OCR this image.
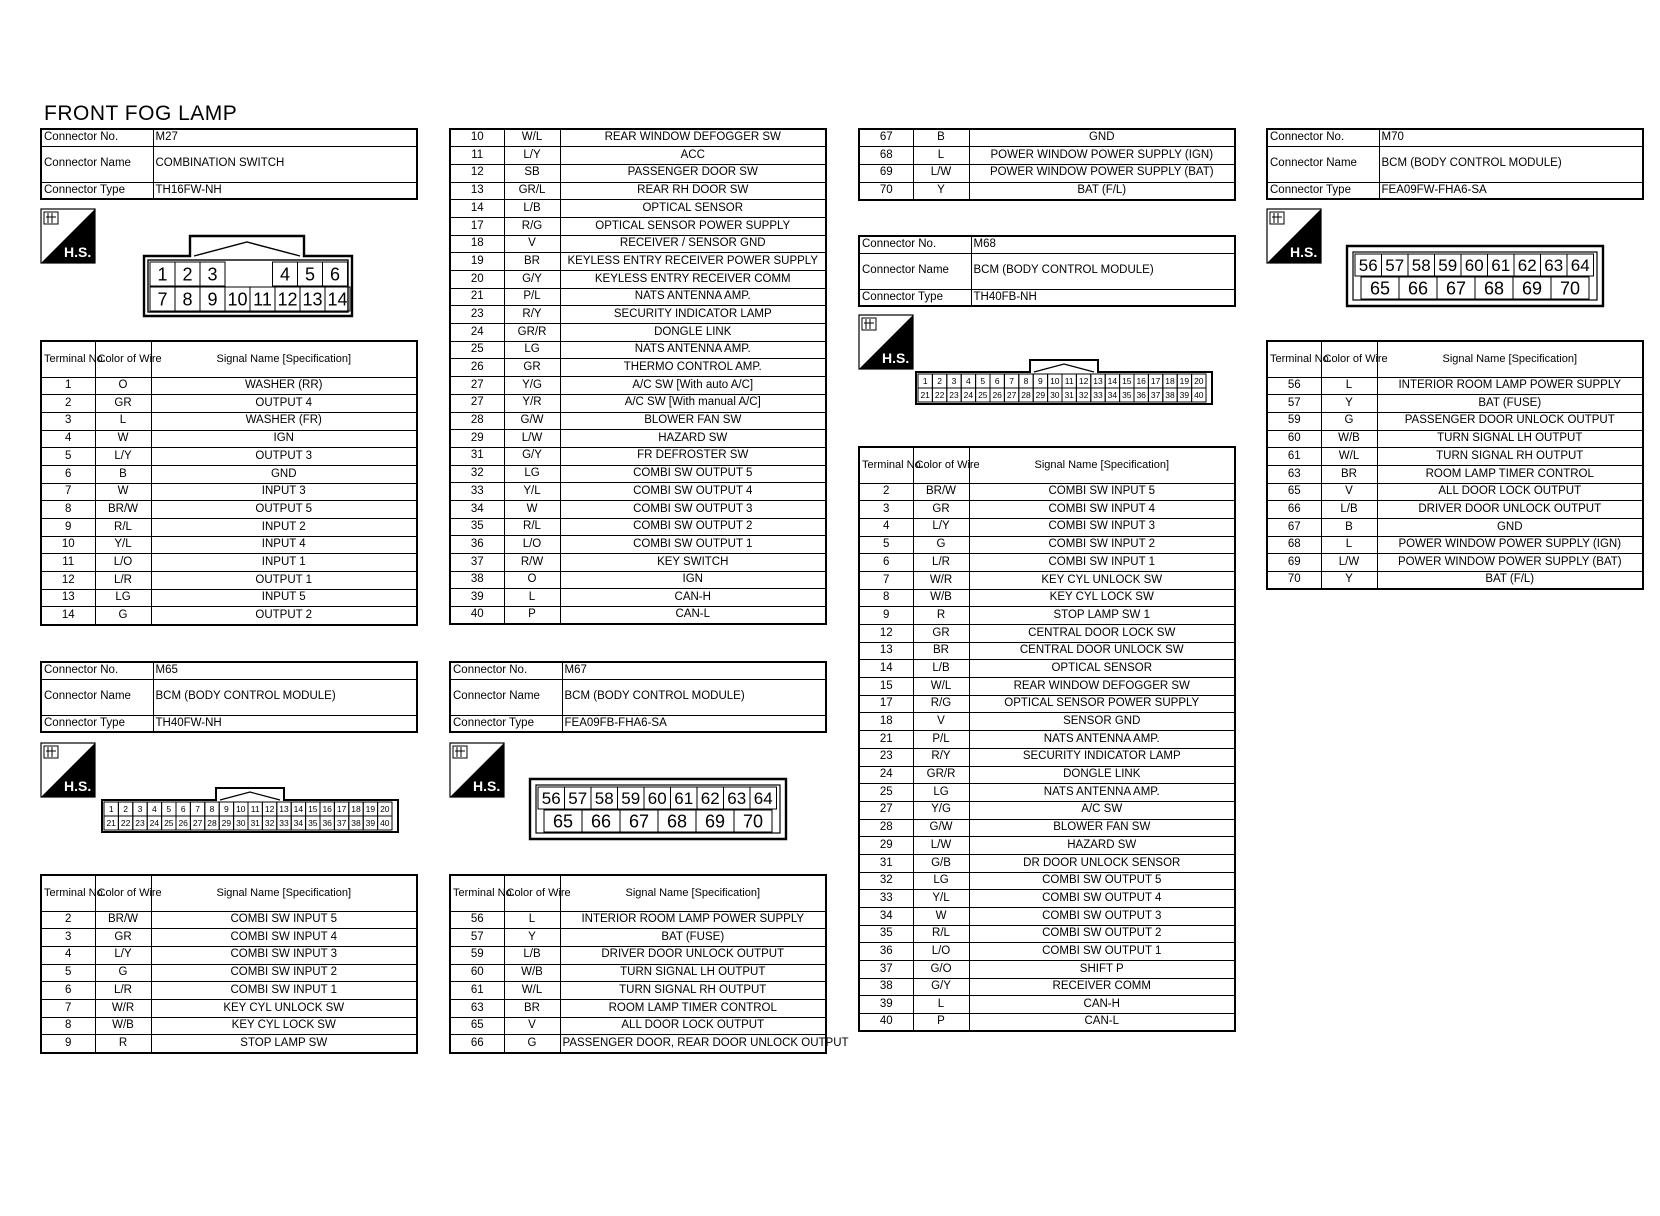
FRONT FOG LAMP
Connector No.	M27
Connector Name	COMBINATION SWITCH
Connector Type	TH16FW-NH
H.S.
1 2 3	4 5 6
7 8 9 10 11 12 13 14
Terminal No.	Color of Wire	Signal Name [Specification]
1	O	WASHER (RR)
2	GR	OUTPUT 4
3	L	WASHER (FR)
4	W	IGN
5	L/Y	OUTPUT 3
6	B	GND
7	W	INPUT 3
8	BR/W	OUTPUT 5
9	R/L	INPUT 2
10	Y/L	INPUT 4
11	L/O	INPUT 1
12	L/R	OUTPUT 1
13	LG	INPUT 5
14	G	OUTPUT 2
Connector No.	M65
Connector Name	BCM (BODY CONTROL MODULE)
Connector Type	TH40FW-NH
H.S.
1 2 3 4 5 6 7 8 9 10 11 12 13 14 15 16 17 18 19 20
21 22 23 24 25 26 27 28 29 30 31 32 33 34 35 36 37 38 39 40
Terminal No.	Color of Wire	Signal Name [Specification]
2	BR/W	COMBI SW INPUT 5
3	GR	COMBI SW INPUT 4
4	L/Y	COMBI SW INPUT 3
5	G	COMBI SW INPUT 2
6	L/R	COMBI SW INPUT 1
7	W/R	KEY CYL UNLOCK SW
8	W/B	KEY CYL LOCK SW
9	R	STOP LAMP SW
10	W/L	REAR WINDOW DEFOGGER SW
11	L/Y	ACC
12	SB	PASSENGER DOOR SW
13	GR/L	REAR RH DOOR SW
14	L/B	OPTICAL SENSOR
17	R/G	OPTICAL SENSOR POWER SUPPLY
18	V	RECEIVER / SENSOR GND
19	BR	KEYLESS ENTRY RECEIVER POWER SUPPLY
20	G/Y	KEYLESS ENTRY RECEIVER COMM
21	P/L	NATS ANTENNA AMP.
23	R/Y	SECURITY INDICATOR LAMP
24	GR/R	DONGLE LINK
25	LG	NATS ANTENNA AMP.
26	GR	THERMO CONTROL AMP.
27	Y/G	A/C SW [With auto A/C]
27	Y/R	A/C SW [With manual A/C]
28	G/W	BLOWER FAN SW
29	L/W	HAZARD SW
31	G/Y	FR DEFROSTER SW
32	LG	COMBI SW OUTPUT 5
33	Y/L	COMBI SW OUTPUT 4
34	W	COMBI SW OUTPUT 3
35	R/L	COMBI SW OUTPUT 2
36	L/O	COMBI SW OUTPUT 1
37	R/W	KEY SWITCH
38	O	IGN
39	L	CAN-H
40	P	CAN-L
Connector No.	M67
Connector Name	BCM (BODY CONTROL MODULE)
Connector Type	FEA09FB-FHA6-SA
H.S.
56 57 58 59 60 61 62 63 64
65 66 67 68 69 70
Terminal No.	Color of Wire	Signal Name [Specification]
56	L	INTERIOR ROOM LAMP POWER SUPPLY
57	Y	BAT (FUSE)
59	L/B	DRIVER DOOR UNLOCK OUTPUT
60	W/B	TURN SIGNAL LH OUTPUT
61	W/L	TURN SIGNAL RH OUTPUT
63	BR	ROOM LAMP TIMER CONTROL
65	V	ALL DOOR LOCK OUTPUT
66	G	PASSENGER DOOR, REAR DOOR UNLOCK OUTPUT
67	B	GND
68	L	POWER WINDOW POWER SUPPLY (IGN)
69	L/W	POWER WINDOW POWER SUPPLY (BAT)
70	Y	BAT (F/L)
Connector No.	M68
Connector Name	BCM (BODY CONTROL MODULE)
Connector Type	TH40FB-NH
H.S.
1 2 3 4 5 6 7 8 9 10 11 12 13 14 15 16 17 18 19 20
21 22 23 24 25 26 27 28 29 30 31 32 33 34 35 36 37 38 39 40
Terminal No.	Color of Wire	Signal Name [Specification]
2	BR/W	COMBI SW INPUT 5
3	GR	COMBI SW INPUT 4
4	L/Y	COMBI SW INPUT 3
5	G	COMBI SW INPUT 2
6	L/R	COMBI SW INPUT 1
7	W/R	KEY CYL UNLOCK SW
8	W/B	KEY CYL LOCK SW
9	R	STOP LAMP SW 1
12	GR	CENTRAL DOOR LOCK SW
13	BR	CENTRAL DOOR UNLOCK SW
14	L/B	OPTICAL SENSOR
15	W/L	REAR WINDOW DEFOGGER SW
17	R/G	OPTICAL SENSOR POWER SUPPLY
18	V	SENSOR GND
21	P/L	NATS ANTENNA AMP.
23	R/Y	SECURITY INDICATOR LAMP
24	GR/R	DONGLE LINK
25	LG	NATS ANTENNA AMP.
27	Y/G	A/C SW
28	G/W	BLOWER FAN SW
29	L/W	HAZARD SW
31	G/B	DR DOOR UNLOCK SENSOR
32	LG	COMBI SW OUTPUT 5
33	Y/L	COMBI SW OUTPUT 4
34	W	COMBI SW OUTPUT 3
35	R/L	COMBI SW OUTPUT 2
36	L/O	COMBI SW OUTPUT 1
37	G/O	SHIFT P
38	G/Y	RECEIVER COMM
39	L	CAN-H
40	P	CAN-L
Connector No.	M70
Connector Name	BCM (BODY CONTROL MODULE)
Connector Type	FEA09FW-FHA6-SA
H.S.
56 57 58 59 60 61 62 63 64
65 66 67 68 69 70
Terminal No.	Color of Wire	Signal Name [Specification]
56	L	INTERIOR ROOM LAMP POWER SUPPLY
57	Y	BAT (FUSE)
59	G	PASSENGER DOOR UNLOCK OUTPUT
60	W/B	TURN SIGNAL LH OUTPUT
61	W/L	TURN SIGNAL RH OUTPUT
63	BR	ROOM LAMP TIMER CONTROL
65	V	ALL DOOR LOCK OUTPUT
66	L/B	DRIVER DOOR UNLOCK OUTPUT
67	B	GND
68	L	POWER WINDOW POWER SUPPLY (IGN)
69	L/W	POWER WINDOW POWER SUPPLY (BAT)
70	Y	BAT (F/L)
